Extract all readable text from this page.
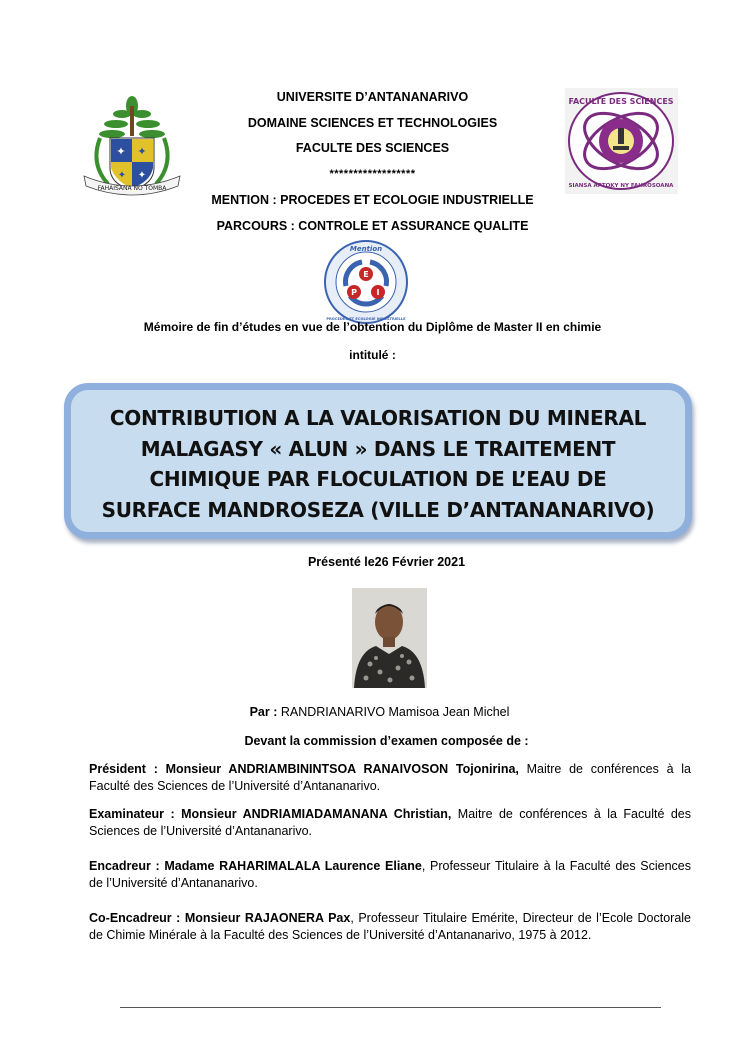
✦ ✦
✦ ✦
FAHAISANA NO TOMBA
FACULTE DES SCIENCES
SIANSA APTOKY NY FAHROSOANA
UNIVERSITE D’ANTANANARIVO
DOMAINE SCIENCES ET TECHNOLOGIES
FACULTE DES SCIENCES
******************
MENTION : PROCEDES ET ECOLOGIE INDUSTRIELLE
PARCOURS : CONTROLE ET ASSURANCE QUALITE
E
P I
Mention
PROCEDES ET ECOLOGIE INDUSTRIELLE
Mémoire de fin d’études en vue de l’obtention du Diplôme de Master II en chimie
intitulé :
CONTRIBUTION A LA VALORISATION DU MINERAL
MALAGASY « ALUN » DANS LE TRAITEMENT
CHIMIQUE PAR FLOCULATION DE L’EAU DE
SURFACE MANDROSEZA (VILLE D’ANTANANARIVO)
Présenté le26 Février 2021
Par : RANDRIANARIVO Mamisoa Jean Michel
Devant la commission d’examen composée de :
Président : Monsieur ANDRIAMBININTSOA RANAIVOSON Tojonirina, Maitre de conférences à la Faculté des Sciences de l’Université d’Antananarivo.
Examinateur : Monsieur ANDRIAMIADAMANANA Christian, Maitre de conférences à la Faculté des Sciences de l’Université d’Antananarivo.
Encadreur : Madame RAHARIMALALA Laurence Eliane, Professeur Titulaire à la Faculté des Sciences de l’Université d’Antananarivo.
Co-Encadreur : Monsieur RAJAONERA Pax, Professeur Titulaire Emérite, Directeur de l’Ecole Doctorale de Chimie Minérale à la Faculté des Sciences de l’Université d’Antananarivo, 1975 à 2012.
